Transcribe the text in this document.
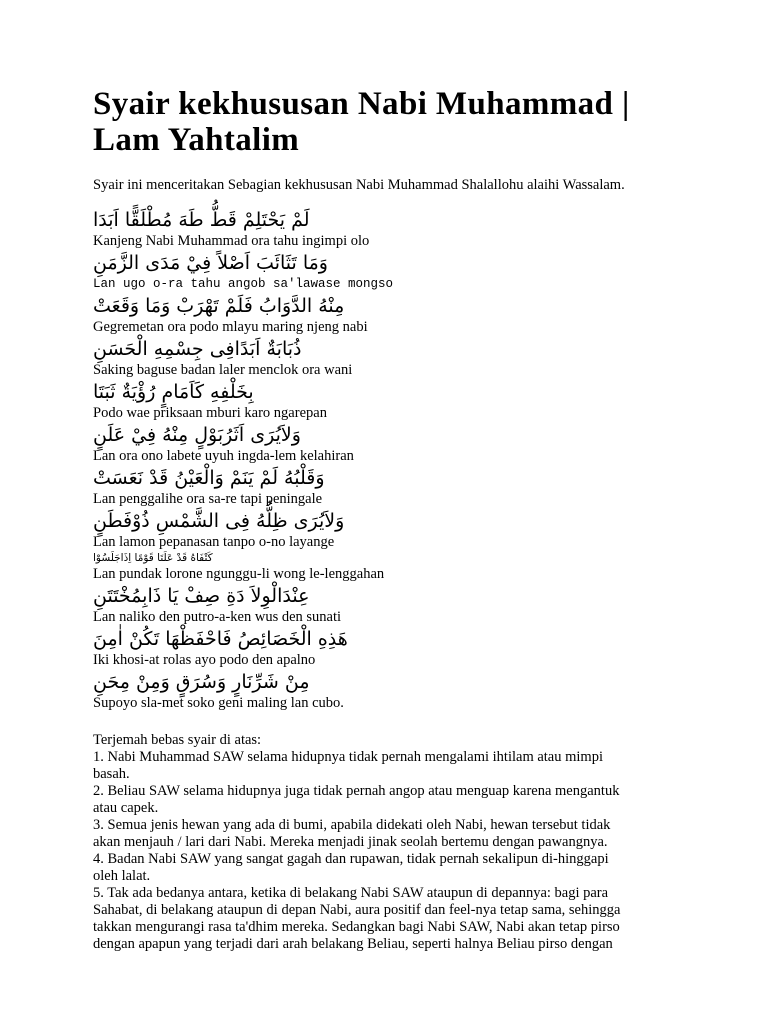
Syair kekhususan Nabi Muhammad | Lam Yahtalim

Syair ini menceritakan Sebagian kekhususan Nabi Muhammad Shalallohu alaihi Wassalam.

لَمْ يَحْتَلِمْ قَطُّ طَهَ مُطْلَقًّا اَبَدَا
Kanjeng Nabi Muhammad ora tahu ingimpi olo
وَمَا تَثَائَبَ اَصْلاً فِيْ مَدَى الزَّمَنِ
Lan ugo o-ra tahu angob sa'lawase mongso
مِنْهُ الدَّوَابُ فَلَمْ تَهْرَبْ وَمَا وَقَعَتْ
Gegremetan ora podo mlayu maring njeng nabi
ذُبَابَةٌ اَبَدًافِى جِسْمِهِ الْحَسَنِ
Saking baguse badan laler menclok ora wani
بِخَلْفِهِ كَاَمَامٍ رُؤْيَةٌ ثَبَتَا
Podo wae priksaan mburi karo ngarepan
وَلاَيُرَى اَثَرُبَوْلٍ مِنْهُ فِيْ عَلَنٍ
Lan ora ono labete uyuh ingda-lem kelahiran
وَقَلْبُهُ لَمْ يَنَمْ وَالْعَيْنُ قَدْ نَعَسَتْ
Lan penggalihe ora sa-re tapi peningale
وَلاَيُرَى ظِلُّهُ فِى الشَّمْسِ ذُوْفَطَنٍ
Lan lamon pepanasan tanpo o-no layange
كَتْفَاهُ قَدْ عَلَتَا قَوْمًا اِذَاجَلَسُوْا
Lan pundak lorone ngunggu-li wong le-lenggahan
عِنْدَالْوِلاَ دَةِ صِفْ يَا ذَابِمُخْتَتَنِ
Lan naliko den putro-a-ken wus den sunati
هَذِهِ الْخَصَائِصُ فَاحْفَظْهَا تَكُنْ اٰمِنَ
Iki khosi-at rolas ayo podo den apalno
مِنْ شَرِّنَارٍ وَسُرَقٍ وَمِنْ مِحَنِ
Supoyo sla-met soko geni maling lan cubo.
Terjemah bebas syair di atas:
1. Nabi Muhammad SAW selama hidupnya tidak pernah mengalami ihtilam atau mimpi
basah.
2. Beliau SAW selama hidupnya juga tidak pernah angop atau menguap karena mengantuk
atau capek.
3. Semua jenis hewan yang ada di bumi, apabila didekati oleh Nabi, hewan tersebut tidak
akan menjauh / lari dari Nabi. Mereka menjadi jinak seolah bertemu dengan pawangnya.
4. Badan Nabi SAW yang sangat gagah dan rupawan, tidak pernah sekalipun di-hinggapi
oleh lalat.
5. Tak ada bedanya antara, ketika di belakang Nabi SAW ataupun di depannya: bagi para
Sahabat, di belakang ataupun di depan Nabi, aura positif dan feel-nya tetap sama, sehingga
takkan mengurangi rasa ta'dhim mereka. Sedangkan bagi Nabi SAW, Nabi akan tetap pirso
dengan apapun yang terjadi dari arah belakang Beliau, seperti halnya Beliau pirso dengan
